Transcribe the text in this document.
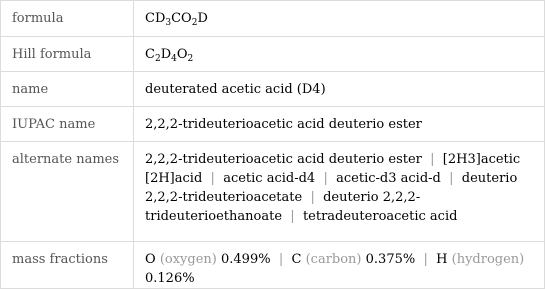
formula	$CD_3CO_2D$
Hill formula	$C_2D_4O_2$
name	deuterated acetic acid (D4)
IUPAC name	2,2,2-trideuterioacetic acid deuterio ester
alternate names	2,2,2-trideuterioacetic acid deuterio ester | [2H3]acetic [2H]acid | acetic acid-d4 | acetic-d3 acid-d | deuterio 2,2,2-trideuterioacetate | deuterio 2,2,2-trideuterioethanoate | tetradeuteroacetic acid
mass fractions	O (oxygen) 0.499% | C (carbon) 0.375% | H (hydrogen) 0.126%
